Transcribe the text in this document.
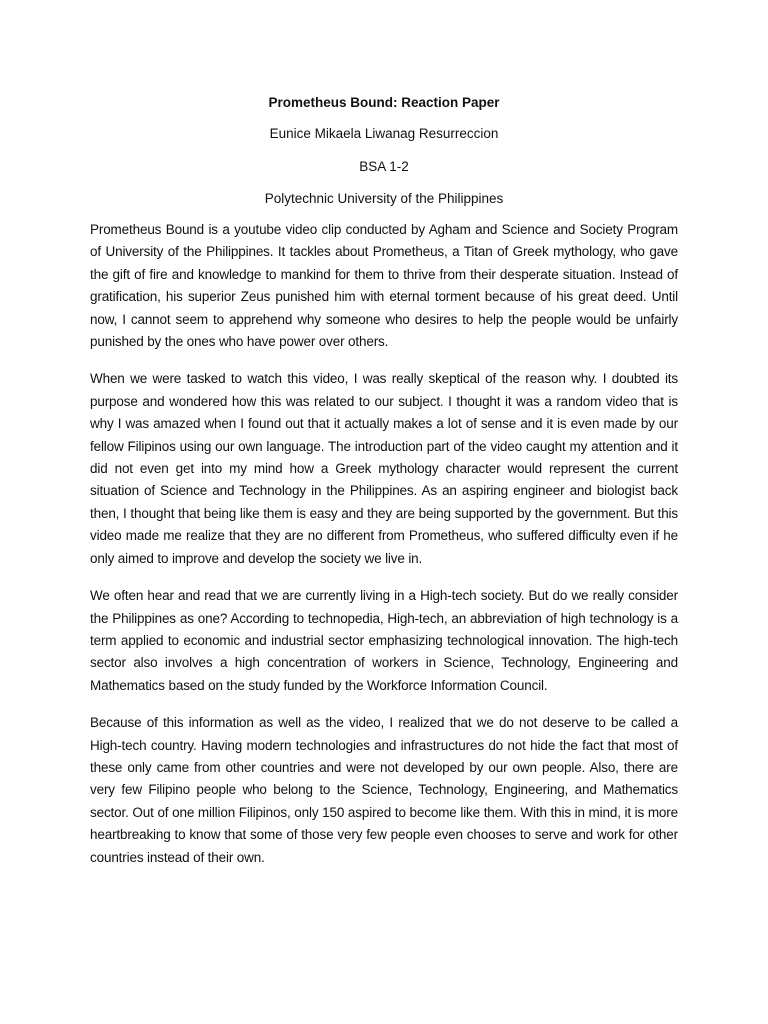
Prometheus Bound: Reaction Paper

Eunice Mikaela Liwanag Resurreccion

BSA 1-2

Polytechnic University of the Philippines

Prometheus Bound is a youtube video clip conducted by Agham and Science and Society Program of University of the Philippines. It tackles about Prometheus, a Titan of Greek mythology, who gave the gift of fire and knowledge to mankind for them to thrive from their desperate situation. Instead of gratification, his superior Zeus punished him with eternal torment because of his great deed. Until now, I cannot seem to apprehend why someone who desires to help the people would be unfairly punished by the ones who have power over others.

When we were tasked to watch this video, I was really skeptical of the reason why. I doubted its purpose and wondered how this was related to our subject. I thought it was a random video that is why I was amazed when I found out that it actually makes a lot of sense and it is even made by our fellow Filipinos using our own language. The introduction part of the video caught my attention and it did not even get into my mind how a Greek mythology character would represent the current situation of Science and Technology in the Philippines. As an aspiring engineer and biologist back then, I thought that being like them is easy and they are being supported by the government. But this video made me realize that they are no different from Prometheus, who suffered difficulty even if he only aimed to improve and develop the society we live in.

We often hear and read that we are currently living in a High-tech society. But do we really consider the Philippines as one? According to technopedia, High-tech, an abbreviation of high technology is a term applied to economic and industrial sector emphasizing technological innovation. The high-tech sector also involves a high concentration of workers in Science, Technology, Engineering and Mathematics based on the study funded by the Workforce Information Council.

Because of this information as well as the video, I realized that we do not deserve to be called a High-tech country. Having modern technologies and infrastructures do not hide the fact that most of these only came from other countries and were not developed by our own people. Also, there are very few Filipino people who belong to the Science, Technology, Engineering, and Mathematics sector. Out of one million Filipinos, only 150 aspired to become like them. With this in mind, it is more heartbreaking to know that some of those very few people even chooses to serve and work for other countries instead of their own.
